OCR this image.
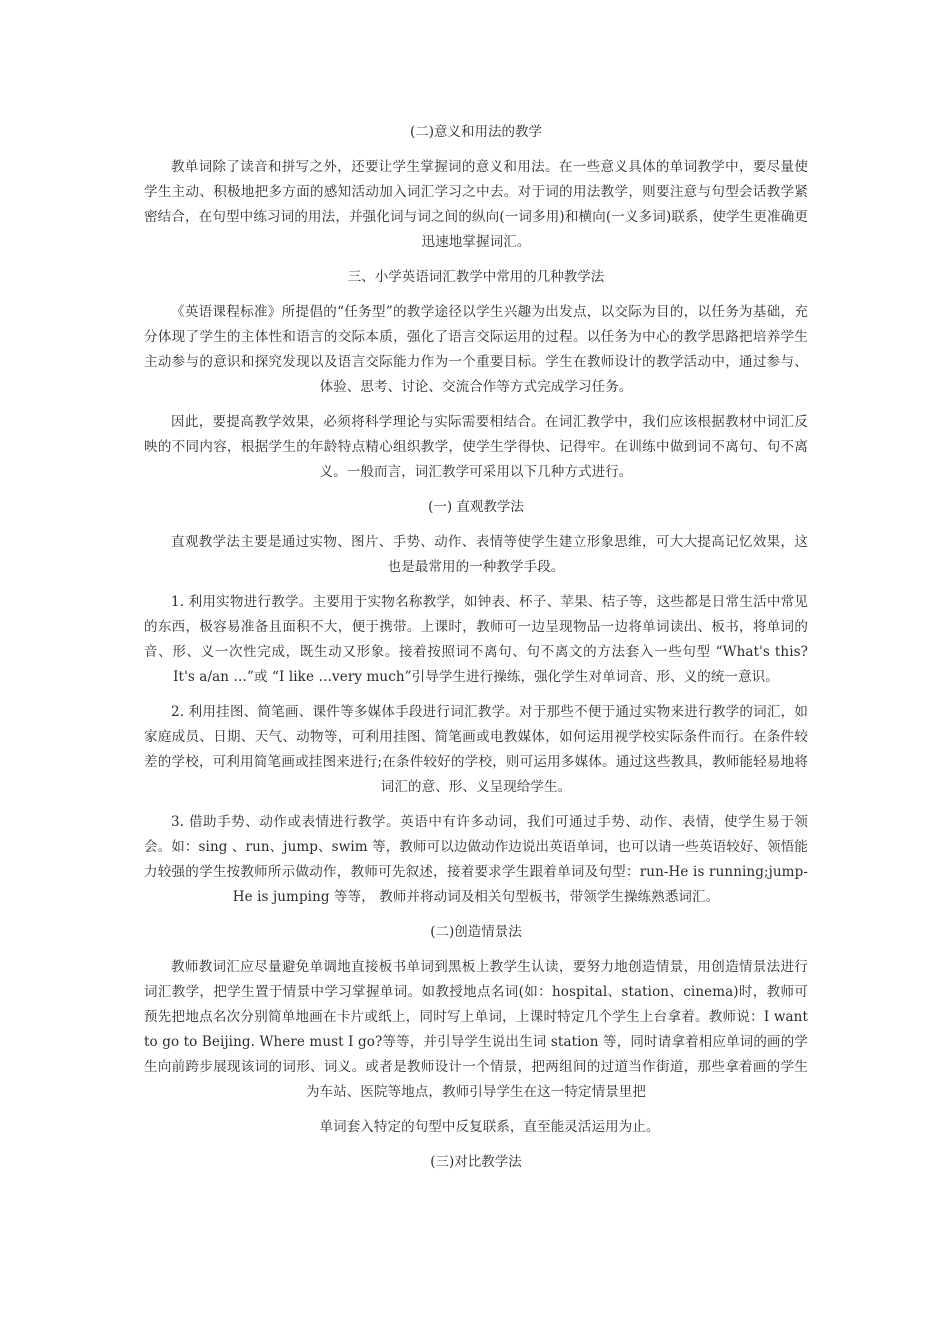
(二)意义和用法的教学
教单词除了读音和拼写之外，还要让学生掌握词的意义和用法。在一些意义具体的单词教学中，要尽量使学生主动、积极地把多方面的感知活动加入词汇学习之中去。对于词的用法教学，则要注意与句型会话教学紧密结合，在句型中练习词的用法，并强化词与词之间的纵向(一词多用)和横向(一义多词)联系，使学生更准确更迅速地掌握词汇。
三、小学英语词汇教学中常用的几种教学法
《英语课程标准》所提倡的“任务型”的教学途径以学生兴趣为出发点，以交际为目的，以任务为基础，充分体现了学生的主体性和语言的交际本质，强化了语言交际运用的过程。以任务为中心的教学思路把培养学生主动参与的意识和探究发现以及语言交际能力作为一个重要目标。学生在教师设计的教学活动中，通过参与、体验、思考、讨论、交流合作等方式完成学习任务。
因此，要提高教学效果，必须将科学理论与实际需要相结合。在词汇教学中，我们应该根据教材中词汇反映的不同内容，根据学生的年龄特点精心组织教学，使学生学得快、记得牢。在训练中做到词不离句、句不离义。一般而言，词汇教学可采用以下几种方式进行。
(一) 直观教学法
直观教学法主要是通过实物、图片、手势、动作、表情等使学生建立形象思维，可大大提高记忆效果，这也是最常用的一种教学手段。
1. 利用实物进行教学。主要用于实物名称教学，如钟表、杯子、苹果、桔子等，这些都是日常生活中常见的东西，极容易准备且面积不大，便于携带。上课时，教师可一边呈现物品一边将单词读出、板书，将单词的音、形、义一次性完成，既生动又形象。接着按照词不离句、句不离文的方法套入一些句型 “What's this? It's a/an …”或 “I like …very much”引导学生进行操练，强化学生对单词音、形、义的统一意识。
2. 利用挂图、简笔画、课件等多媒体手段进行词汇教学。对于那些不便于通过实物来进行教学的词汇，如家庭成员、日期、天气、动物等，可利用挂图、简笔画或电教媒体，如何运用视学校实际条件而行。在条件较差的学校，可利用简笔画或挂图来进行;在条件较好的学校，则可运用多媒体。通过这些教具，教师能轻易地将词汇的意、形、义呈现给学生。
3. 借助手势、动作或表情进行教学。英语中有许多动词，我们可通过手势、动作、表情，使学生易于领会。如：sing 、run、jump、swim 等，教师可以边做动作边说出英语单词，也可以请一些英语较好、领悟能力较强的学生按教师所示做动作，教师可先叙述，接着要求学生跟着单词及句型：run-He is running;jump-He is jumping 等等， 教师并将动词及相关句型板书，带领学生操练熟悉词汇。
(二)创造情景法
教师教词汇应尽量避免单调地直接板书单词到黑板上教学生认读，要努力地创造情景，用创造情景法进行词汇教学，把学生置于情景中学习掌握单词。如教授地点名词(如：hospital、station、cinema)时，教师可预先把地点名次分别简单地画在卡片或纸上，同时写上单词，上课时特定几个学生上台拿着。教师说：I want to go to Beijing. Where must I go?等等，并引导学生说出生词 station 等，同时请拿着相应单词的画的学生向前跨步展现该词的词形、词义。或者是教师设计一个情景，把两组间的过道当作街道，那些拿着画的学生为车站、医院等地点，教师引导学生在这一特定情景里把
单词套入特定的句型中反复联系，直至能灵活运用为止。
(三)对比教学法
